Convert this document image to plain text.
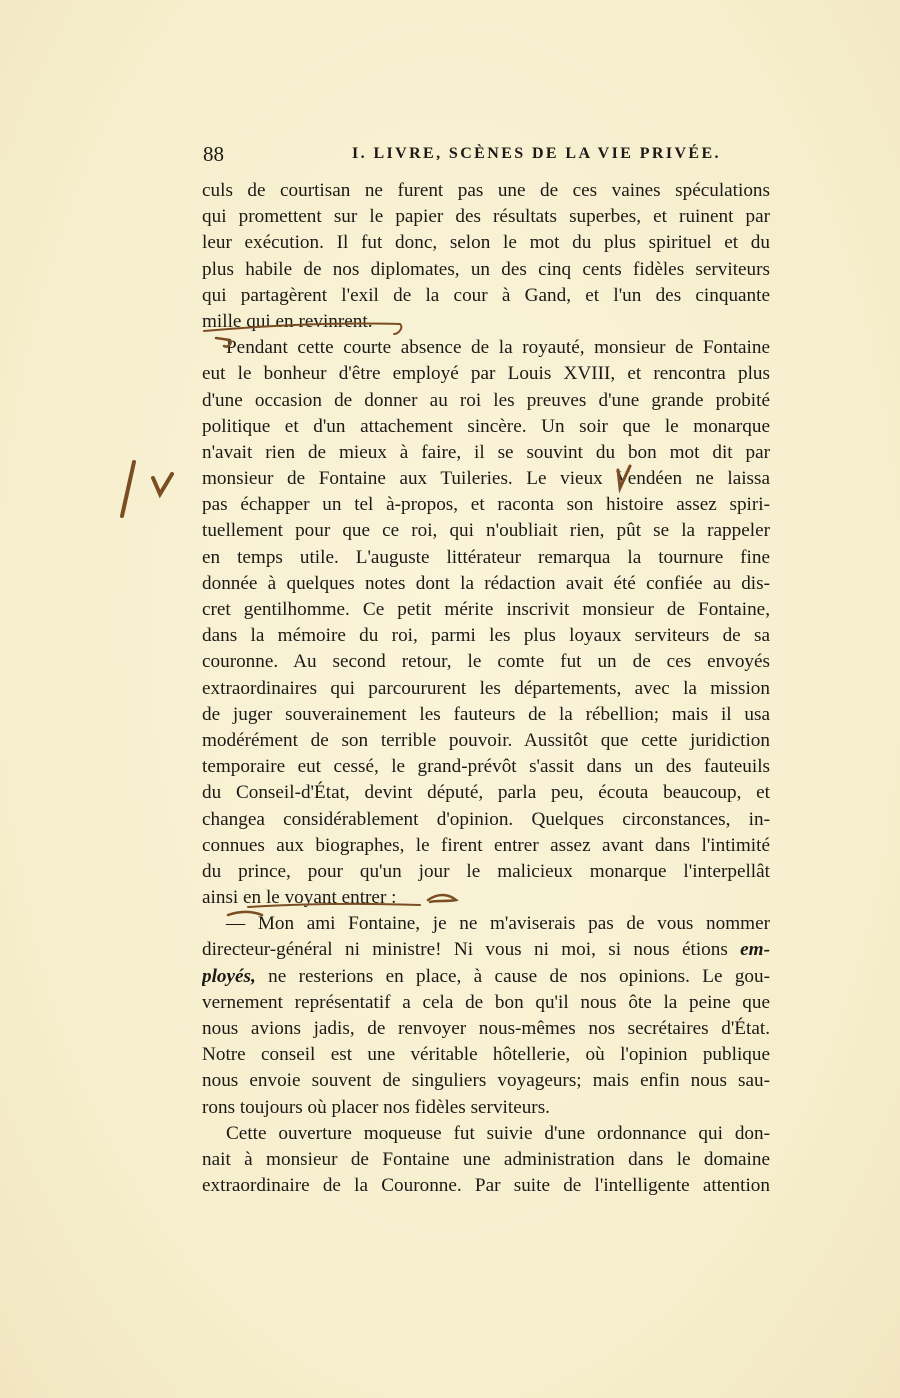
88	I. LIVRE, SCÈNES DE LA VIE PRIVÉE.
culs de courtisan ne furent pas une de ces vaines spéculations
qui promettent sur le papier des résultats superbes, et ruinent par
leur exécution. Il fut donc, selon le mot du plus spirituel et du
plus habile de nos diplomates, un des cinq cents fidèles serviteurs
qui partagèrent l'exil de la cour à Gand, et l'un des cinquante
mille qui en revinrent.
Pendant cette courte absence de la royauté, monsieur de Fontaine
eut le bonheur d'être employé par Louis XVIII, et rencontra plus
d'une occasion de donner au roi les preuves d'une grande probité
politique et d'un attachement sincère. Un soir que le monarque
n'avait rien de mieux à faire, il se souvint du bon mot dit par
monsieur de Fontaine aux Tuileries. Le vieux Vendéen ne laissa
pas échapper un tel à-propos, et raconta son histoire assez spiri-
tuellement pour que ce roi, qui n'oubliait rien, pût se la rappeler
en temps utile. L'auguste littérateur remarqua la tournure fine
donnée à quelques notes dont la rédaction avait été confiée au dis-
cret gentilhomme. Ce petit mérite inscrivit monsieur de Fontaine,
dans la mémoire du roi, parmi les plus loyaux serviteurs de sa
couronne. Au second retour, le comte fut un de ces envoyés
extraordinaires qui parcoururent les départements, avec la mission
de juger souverainement les fauteurs de la rébellion; mais il usa
modérément de son terrible pouvoir. Aussitôt que cette juridiction
temporaire eut cessé, le grand-prévôt s'assit dans un des fauteuils
du Conseil-d'État, devint député, parla peu, écouta beaucoup, et
changea considérablement d'opinion. Quelques circonstances, in-
connues aux biographes, le firent entrer assez avant dans l'intimité
du prince, pour qu'un jour le malicieux monarque l'interpellât
ainsi en le voyant entrer :
— Mon ami Fontaine, je ne m'aviserais pas de vous nommer
directeur-général ni ministre! Ni vous ni moi, si nous étions em-
ployés, ne resterions en place, à cause de nos opinions. Le gou-
vernement représentatif a cela de bon qu'il nous ôte la peine que
nous avions jadis, de renvoyer nous-mêmes nos secrétaires d'État.
Notre conseil est une véritable hôtellerie, où l'opinion publique
nous envoie souvent de singuliers voyageurs; mais enfin nous sau-
rons toujours où placer nos fidèles serviteurs.
Cette ouverture moqueuse fut suivie d'une ordonnance qui don-
nait à monsieur de Fontaine une administration dans le domaine
extraordinaire de la Couronne. Par suite de l'intelligente attention
